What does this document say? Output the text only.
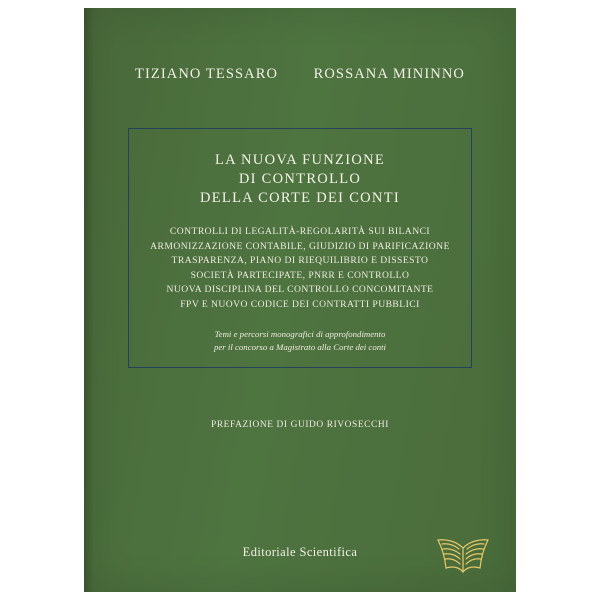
TIZIANO TESSARO ROSSANA MININNO
LA NUOVA FUNZIONE
DI CONTROLLO
DELLA CORTE DEI CONTI
CONTROLLI DI LEGALITÀ-REGOLARITÀ SUI BILANCI
ARMONIZZAZIONE CONTABILE, GIUDIZIO DI PARIFICAZIONE
TRASPARENZA, PIANO DI RIEQUILIBRIO E DISSESTO
SOCIETÀ PARTECIPATE, PNRR E CONTROLLO
NUOVA DISCIPLINA DEL CONTROLLO CONCOMITANTE
FPV E NUOVO CODICE DEI CONTRATTI PUBBLICI
Temi e percorsi monografici di approfondimento
per il concorso a Magistrato alla Corte dei conti
PREFAZIONE DI GUIDO RIVOSECCHI
Editoriale Scientifica
